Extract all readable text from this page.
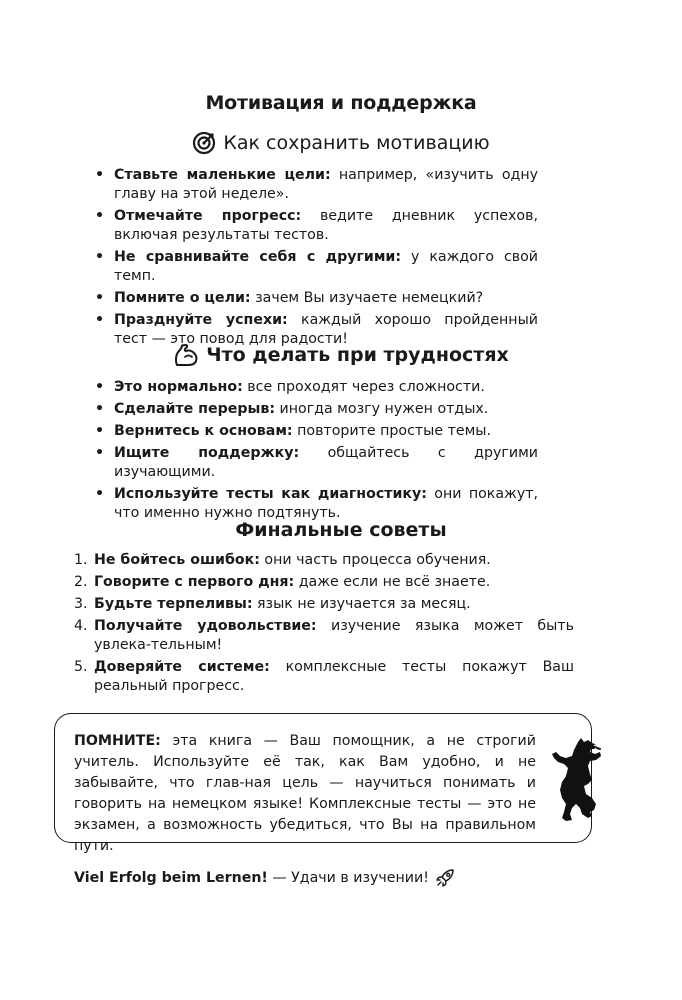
Мотивация и поддержка
Как сохранить мотивацию
• Ставьте маленькие цели: например, «изучить одну главу на этой неделе».
• Отмечайте прогресс: ведите дневник успехов, включая результаты тестов.
• Не сравнивайте себя с другими: у каждого свой темп.
• Помните о цели: зачем Вы изучаете немецкий?
• Празднуйте успехи: каждый хорошо пройденный тест — это повод для радости!
Что делать при трудностях
• Это нормально: все проходят через сложности.
• Сделайте перерыв: иногда мозгу нужен отдых.
• Вернитесь к основам: повторите простые темы.
• Ищите поддержку: общайтесь с другими изучающими.
• Используйте тесты как диагностику: они покажут, что именно нужно подтянуть.
Финальные советы
1. Не бойтесь ошибок: они часть процесса обучения.
2. Говорите с первого дня: даже если не всё знаете.
3. Будьте терпеливы: язык не изучается за месяц.
4. Получайте удовольствие: изучение языка может быть увлека-тельным!
5. Доверяйте системе: комплексные тесты покажут Ваш реальный прогресс.

ПОМНИТЕ: эта книга — Ваш помощник, а не строгий учитель. Используйте её так, как Вам удобно, и не забывайте, что глав-ная цель — научиться понимать и говорить на немецком языке! Комплексные тесты — это не экзамен, а возможность убедиться, что Вы на правильном пути.

Viel Erfolg beim Lernen! — Удачи в изучении!
